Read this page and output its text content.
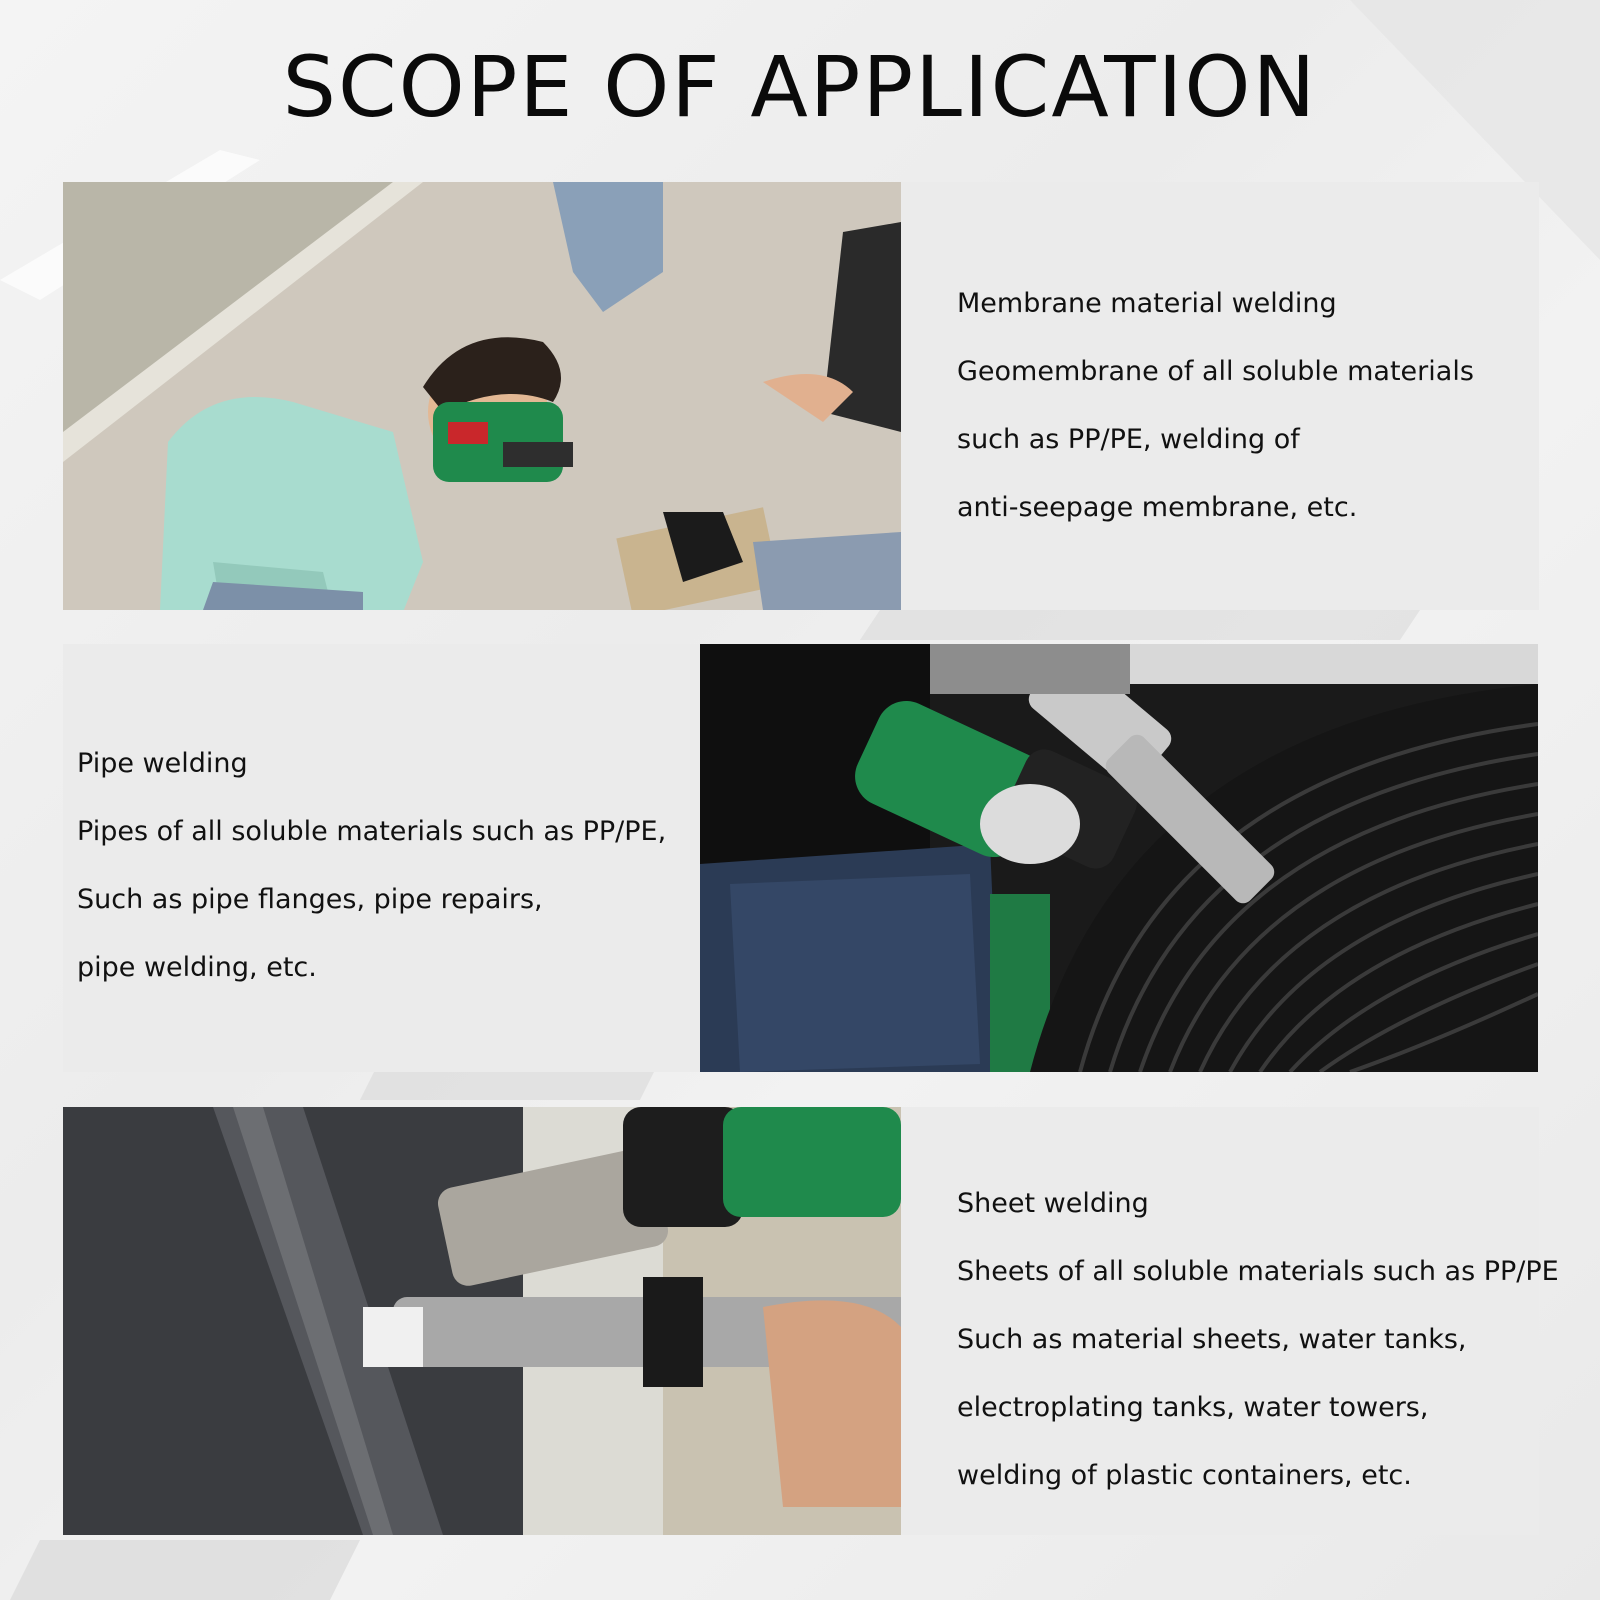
SCOPE OF APPLICATION

Membrane material welding

Geomembrane of all soluble materials

such as PP/PE, welding of

anti-seepage membrane, etc.

Pipe welding

Pipes of all soluble materials such as PP/PE,

Such as pipe flanges, pipe repairs,

pipe welding, etc.

Sheet welding

Sheets of all soluble materials such as PP/PE

Such as material sheets, water tanks,

electroplating tanks, water towers,

welding of plastic containers, etc.
